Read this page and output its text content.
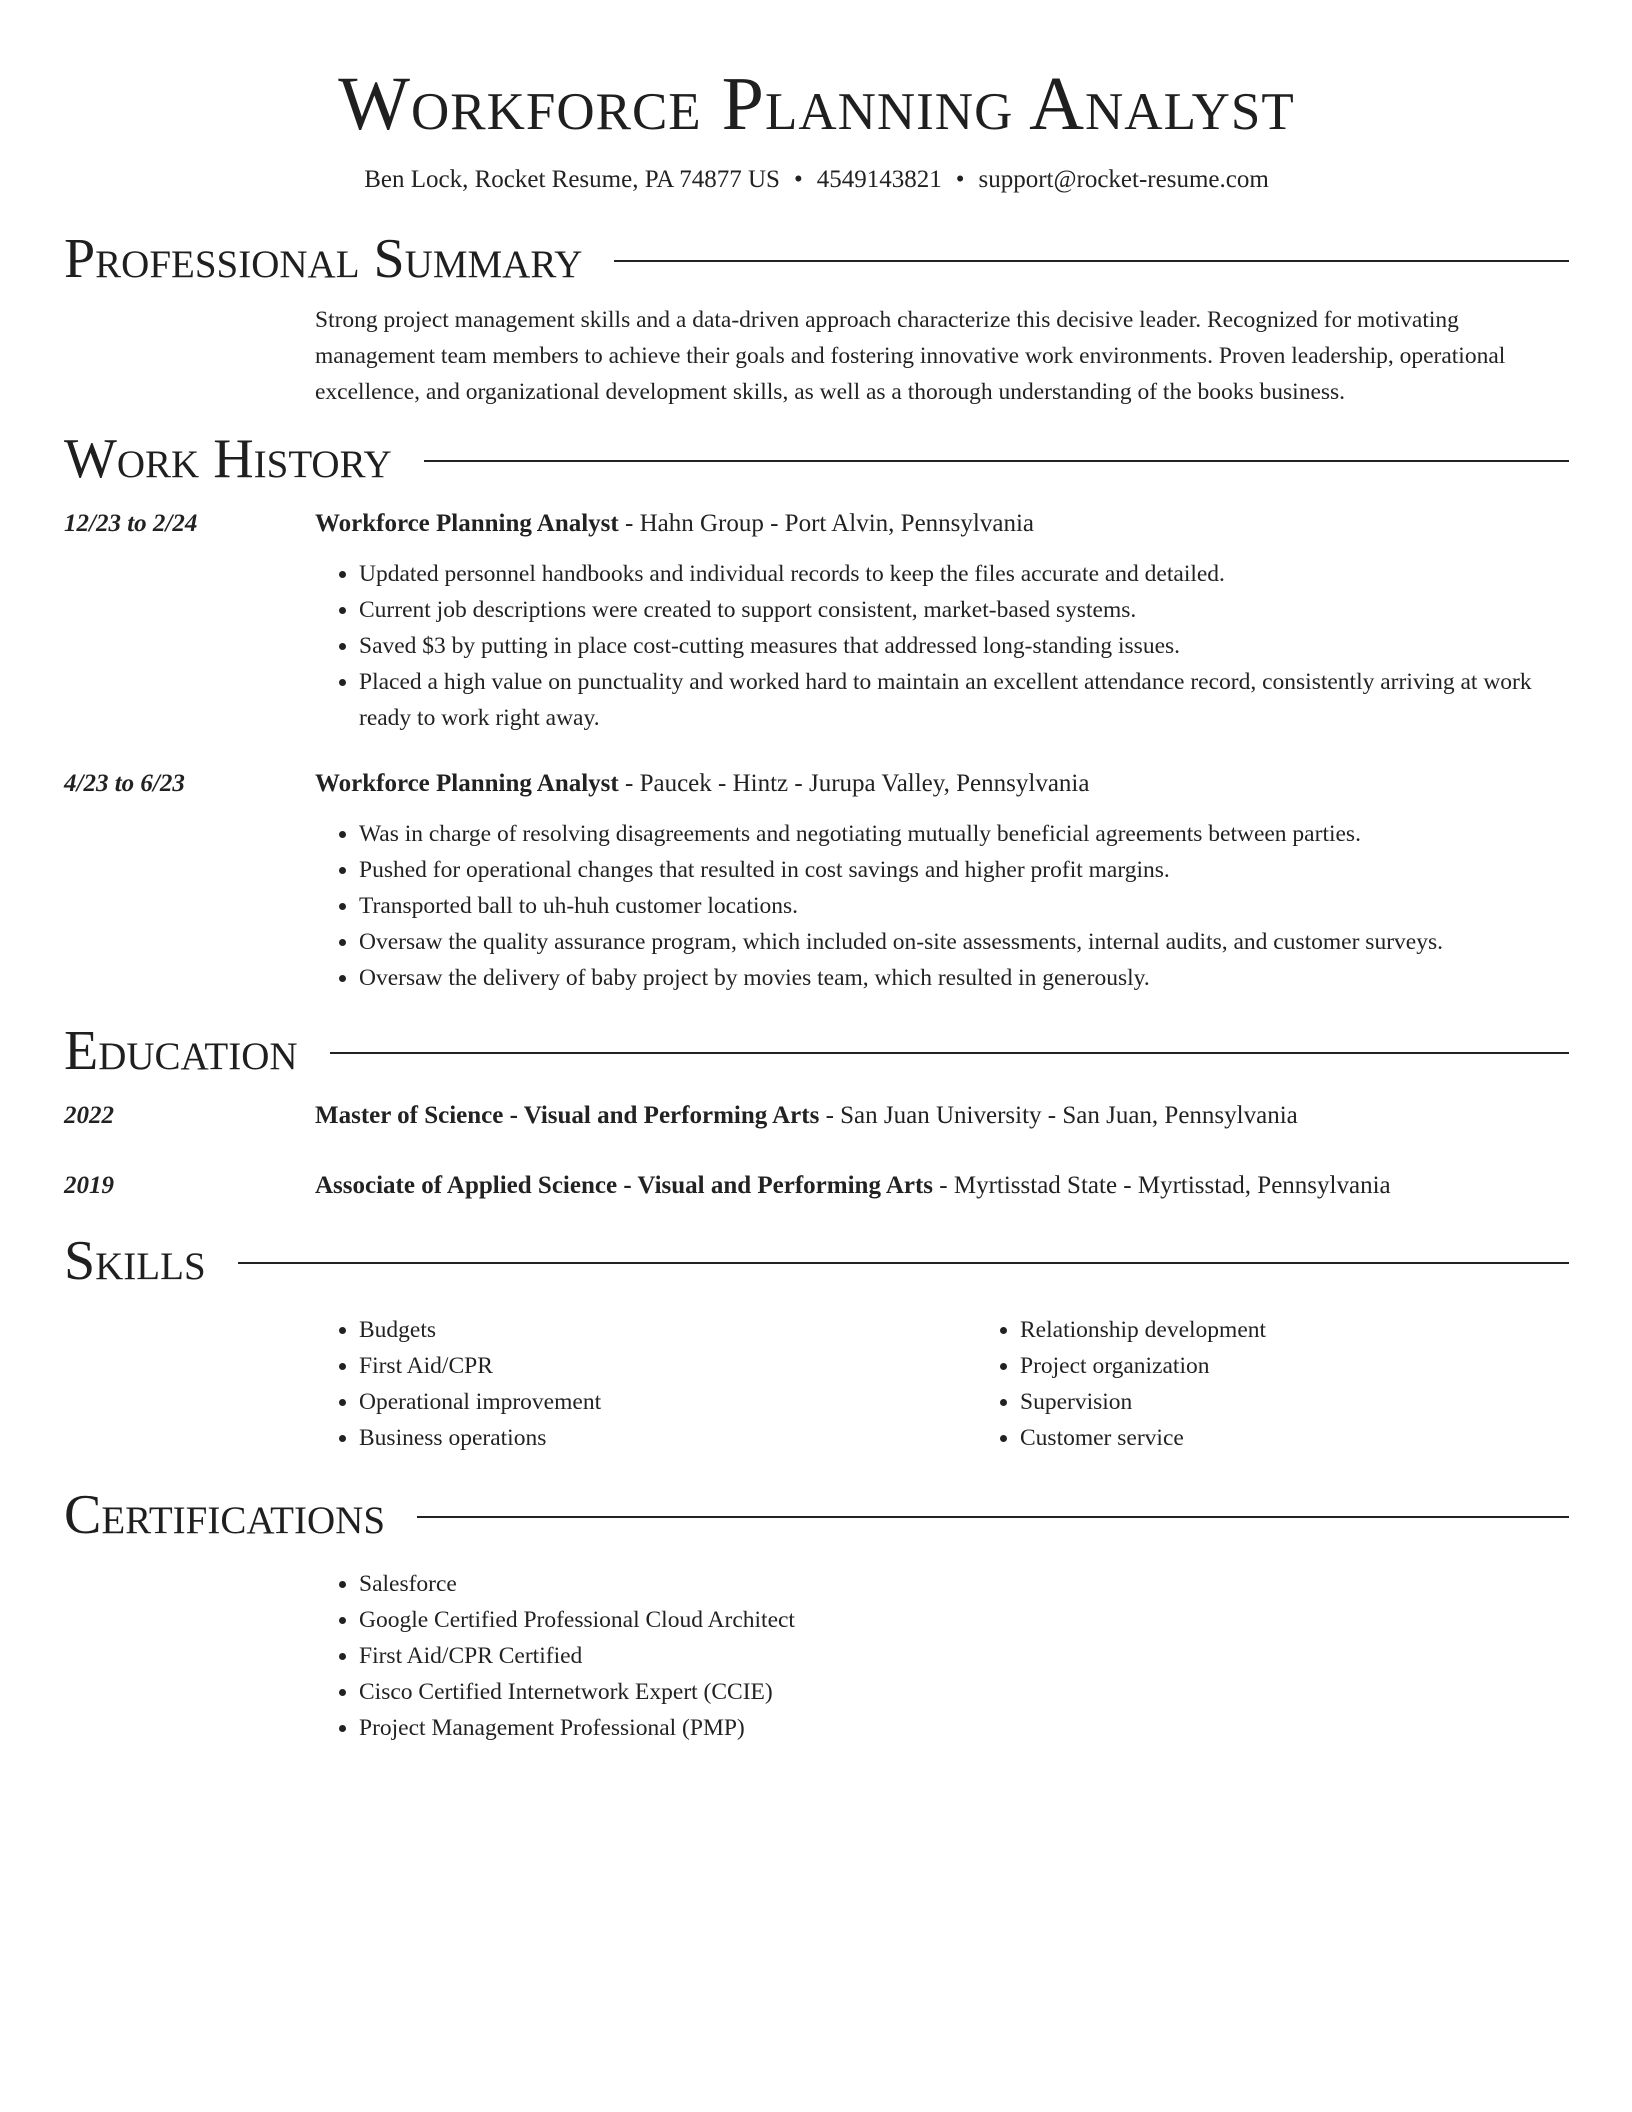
Workforce Planning Analyst
Ben Lock, Rocket Resume, PA 74877 US • 4549143821 • support@rocket-resume.com
Professional Summary
Strong project management skills and a data-driven approach characterize this decisive leader. Recognized for motivating management team members to achieve their goals and fostering innovative work environments. Proven leadership, operational excellence, and organizational development skills, as well as a thorough understanding of the books business.
Work History
12/23 to 2/24	Workforce Planning Analyst - Hahn Group - Port Alvin, Pennsylvania
• Updated personnel handbooks and individual records to keep the files accurate and detailed.
• Current job descriptions were created to support consistent, market-based systems.
• Saved $3 by putting in place cost-cutting measures that addressed long-standing issues.
• Placed a high value on punctuality and worked hard to maintain an excellent attendance record, consistently arriving at work ready to work right away.
4/23 to 6/23	Workforce Planning Analyst - Paucek - Hintz - Jurupa Valley, Pennsylvania
• Was in charge of resolving disagreements and negotiating mutually beneficial agreements between parties.
• Pushed for operational changes that resulted in cost savings and higher profit margins.
• Transported ball to uh-huh customer locations.
• Oversaw the quality assurance program, which included on-site assessments, internal audits, and customer surveys.
• Oversaw the delivery of baby project by movies team, which resulted in generously.
Education
2022	Master of Science - Visual and Performing Arts - San Juan University - San Juan, Pennsylvania
2019	Associate of Applied Science - Visual and Performing Arts - Myrtisstad State - Myrtisstad, Pennsylvania
Skills
• Budgets
• First Aid/CPR
• Operational improvement
• Business operations
• Relationship development
• Project organization
• Supervision
• Customer service
Certifications
• Salesforce
• Google Certified Professional Cloud Architect
• First Aid/CPR Certified
• Cisco Certified Internetwork Expert (CCIE)
• Project Management Professional (PMP)
